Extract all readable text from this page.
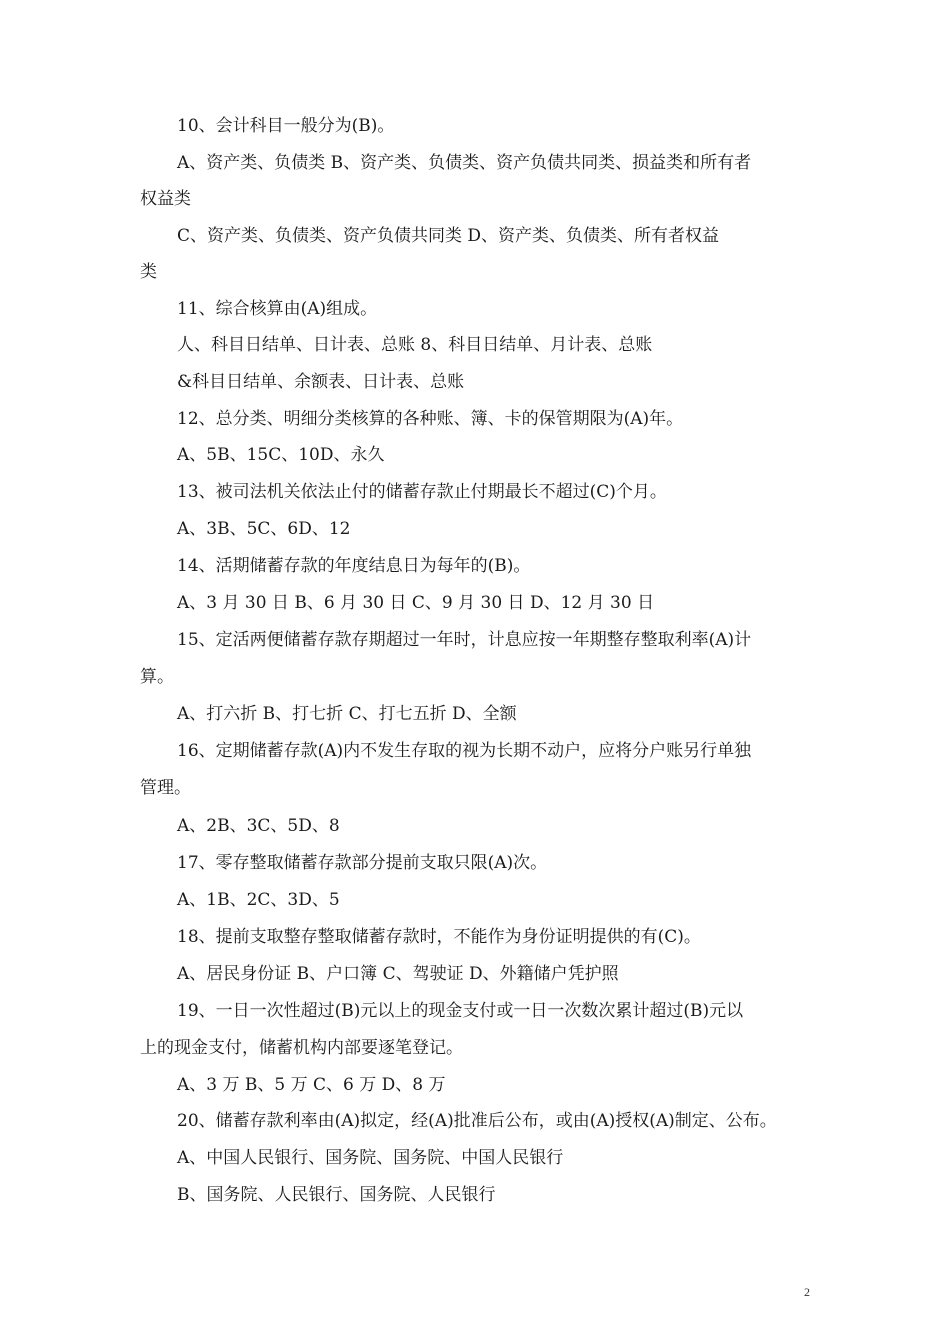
10、会计科目一般分为(B)。
A、资产类、负债类 B、资产类、负债类、资产负债共同类、损益类和所有者
权益类
C、资产类、负债类、资产负债共同类 D、资产类、负债类、所有者权益
类
11、综合核算由(A)组成。
人、科目日结单、日计表、总账 8、科目日结单、月计表、总账
&科目日结单、余额表、日计表、总账
12、总分类、明细分类核算的各种账、簿、卡的保管期限为(A)年。
A、5B、15C、10D、永久
13、被司法机关依法止付的储蓄存款止付期最长不超过(C)个月。
A、3B、5C、6D、12
14、活期储蓄存款的年度结息日为每年的(B)。
A、3 月 30 日 B、6 月 30 日 C、9 月 30 日 D、12 月 30 日
15、定活两便储蓄存款存期超过一年时，计息应按一年期整存整取利率(A)计
算。
A、打六折 B、打七折 C、打七五折 D、全额
16、定期储蓄存款(A)内不发生存取的视为长期不动户，应将分户账另行单独
管理。
A、2B、3C、5D、8
17、零存整取储蓄存款部分提前支取只限(A)次。
A、1B、2C、3D、5
18、提前支取整存整取储蓄存款时，不能作为身份证明提供的有(C)。
A、居民身份证 B、户口簿 C、驾驶证 D、外籍储户凭护照
19、一日一次性超过(B)元以上的现金支付或一日一次数次累计超过(B)元以
上的现金支付，储蓄机构内部要逐笔登记。
A、3 万 B、5 万 C、6 万 D、8 万
20、储蓄存款利率由(A)拟定，经(A)批准后公布，或由(A)授权(A)制定、公布。
A、中国人民银行、国务院、国务院、中国人民银行
B、国务院、人民银行、国务院、人民银行
2
